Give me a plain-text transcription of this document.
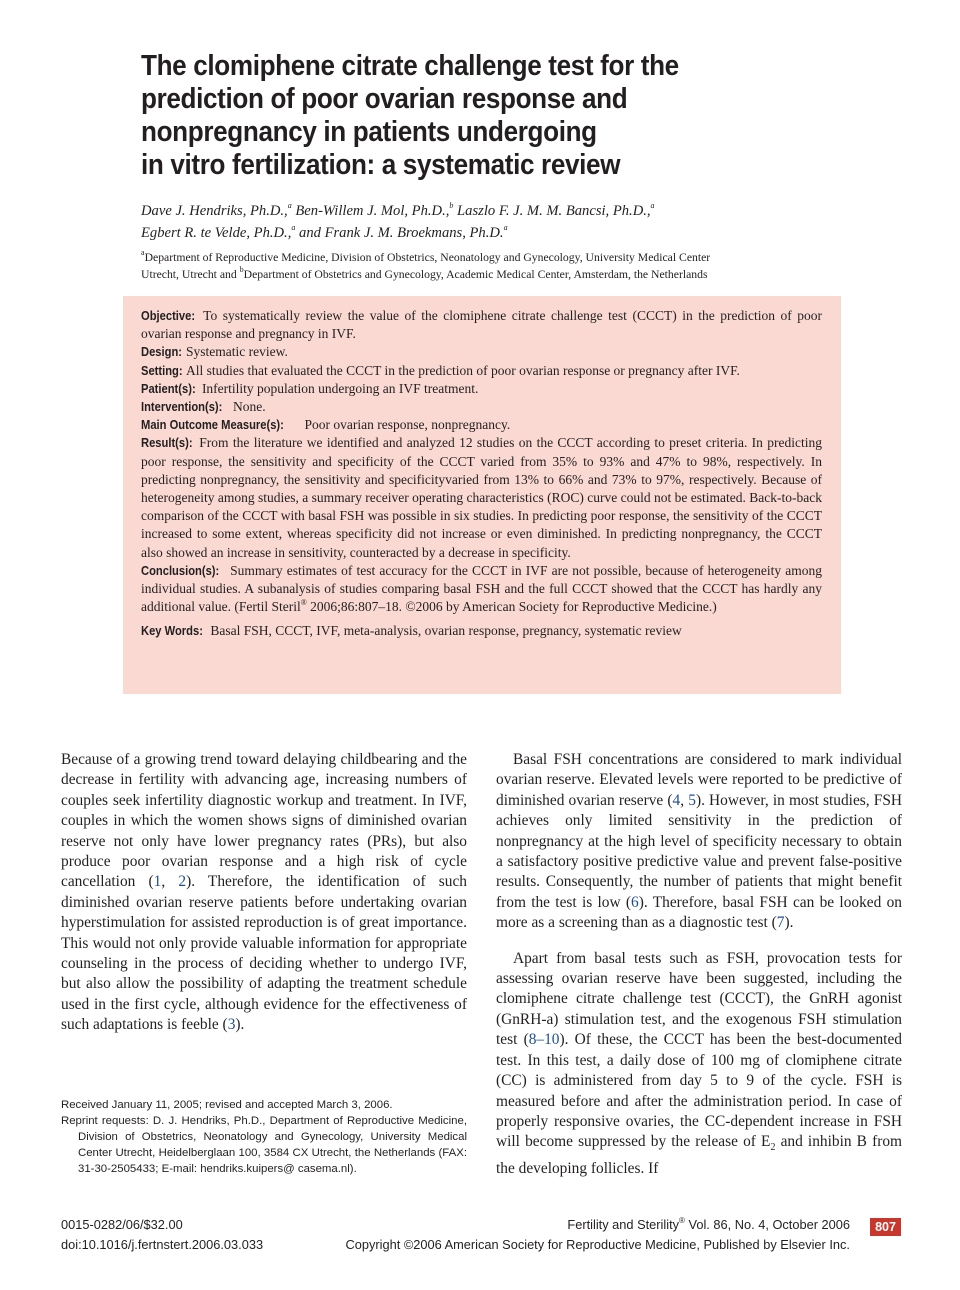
The clomiphene citrate challenge test for the
prediction of poor ovarian response and
nonpregnancy in patients undergoing
in vitro fertilization: a systematic review
Dave J. Hendriks, Ph.D.,$^a$ Ben-Willem J. Mol, Ph.D.,$^b$ Laszlo F. J. M. M. Bancsi, Ph.D.,$^a$
Egbert R. te Velde, Ph.D.,$^a$ and Frank J. M. Broekmans, Ph.D.$^a$
$^a$Department of Reproductive Medicine, Division of Obstetrics, Neonatology and Gynecology, University Medical Center
Utrecht, Utrecht and $^b$Department of Obstetrics and Gynecology, Academic Medical Center, Amsterdam, the Netherlands

Objective: To systematically review the value of the clomiphene citrate challenge test (CCCT) in the prediction of poor ovarian response and pregnancy in IVF.

Design: Systematic review.

Setting: All studies that evaluated the CCCT in the prediction of poor ovarian response or pregnancy after IVF.

Patient(s): Infertility population undergoing an IVF treatment.

Intervention(s): None.

Main Outcome Measure(s): Poor ovarian response, nonpregnancy.

Result(s): From the literature we identified and analyzed 12 studies on the CCCT according to preset criteria. In predicting poor response, the sensitivity and specificity of the CCCT varied from 35% to 93% and 47% to 98%, respectively. In predicting nonpregnancy, the sensitivity and specificityvaried from 13% to 66% and 73% to 97%, respectively. Because of heterogeneity among studies, a summary receiver operating characteristics (ROC) curve could not be estimated. Back-to-back comparison of the CCCT with basal FSH was possible in six studies. In predicting poor response, the sensitivity of the CCCT increased to some extent, whereas specificity did not increase or even diminished. In predicting nonpregnancy, the CCCT also showed an increase in sensitivity, counteracted by a decrease in specificity.

Conclusion(s): Summary estimates of test accuracy for the CCCT in IVF are not possible, because of heterogeneity among individual studies. A subanalysis of studies comparing basal FSH and the full CCCT showed that the CCCT has hardly any additional value. (Fertil Steril® 2006;86:807–18. ©2006 by American Society for Reproductive Medicine.)

Key Words: Basal FSH, CCCT, IVF, meta-analysis, ovarian response, pregnancy, systematic review

Because of a growing trend toward delaying childbearing and the decrease in fertility with advancing age, increasing numbers of couples seek infertility diagnostic workup and treatment. In IVF, couples in which the women shows signs of diminished ovarian reserve not only have lower pregnancy rates (PRs), but also produce poor ovarian response and a high risk of cycle cancellation (1, 2). Therefore, the identification of such diminished ovarian reserve patients before undertaking ovarian hyperstimulation for assisted reproduction is of great importance. This would not only provide valuable information for appropriate counseling in the process of deciding whether to undergo IVF, but also allow the possibility of adapting the treatment schedule used in the first cycle, although evidence for the effectiveness of such adaptations is feeble (3).

Basal FSH concentrations are considered to mark individual ovarian reserve. Elevated levels were reported to be predictive of diminished ovarian reserve (4, 5). However, in most studies, FSH achieves only limited sensitivity in the prediction of nonpregnancy at the high level of specificity necessary to obtain a satisfactory positive predictive value and prevent false-positive results. Consequently, the number of patients that might benefit from the test is low (6). Therefore, basal FSH can be looked on more as a screening than as a diagnostic test (7).

Apart from basal tests such as FSH, provocation tests for assessing ovarian reserve have been suggested, including the clomiphene citrate challenge test (CCCT), the GnRH agonist (GnRH-a) stimulation test, and the exogenous FSH stimulation test (8–10). Of these, the CCCT has been the best-documented test. In this test, a daily dose of 100 mg of clomiphene citrate (CC) is administered from day 5 to 9 of the cycle. FSH is measured before and after the administration period. In case of properly responsive ovaries, the CC-dependent increase in FSH will become suppressed by the release of $E_2$ and inhibin B from the developing follicles. If

Received January 11, 2005; revised and accepted March 3, 2006.

Reprint requests: D. J. Hendriks, Ph.D., Department of Reproductive Medicine, Division of Obstetrics, Neonatology and Gynecology, University Medical Center Utrecht, Heidelberglaan 100, 3584 CX Utrecht, the Netherlands (FAX: 31-30-2505433; E-mail: hendriks.kuipers@ casema.nl).

0015-0282/06/$32.00
doi:10.1016/j.fertnstert.2006.03.033
Fertility and Sterility® Vol. 86, No. 4, October 2006
Copyright ©2006 American Society for Reproductive Medicine, Published by Elsevier Inc.
807
